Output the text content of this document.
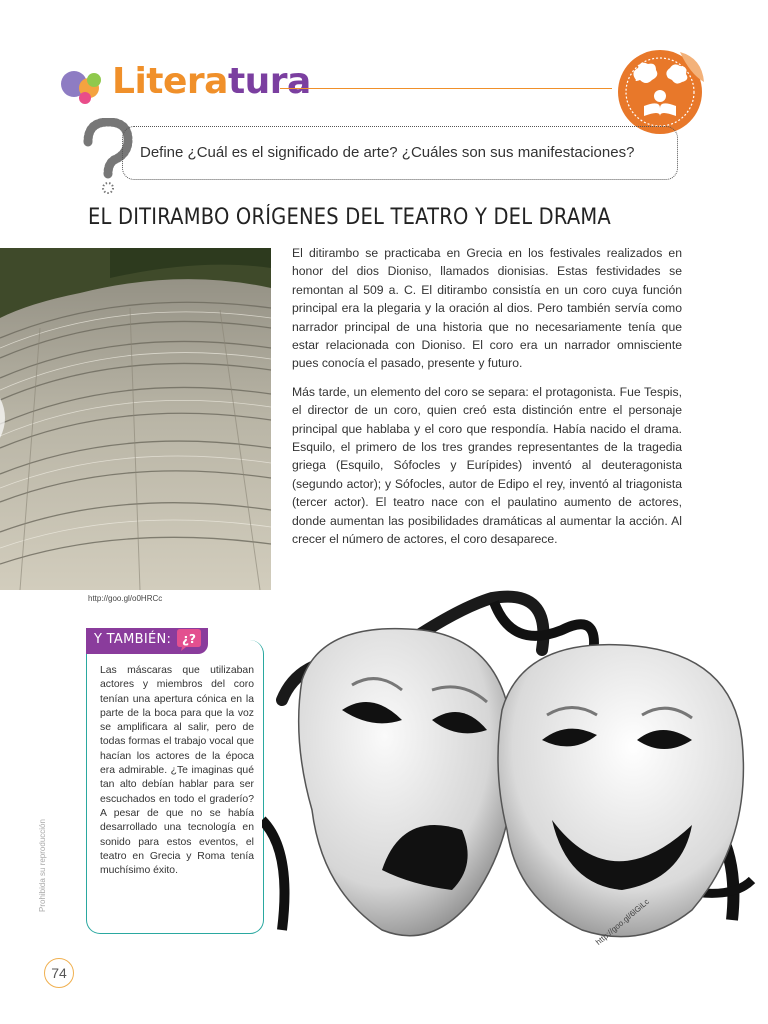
Literatura
Define ¿Cuál es el significado de arte? ¿Cuáles son sus manifestaciones?
EL DITIRAMBO ORÍGENES DEL TEATRO Y DEL DRAMA
http://goo.gl/o0HRCc

El ditirambo se practicaba en Grecia en los festivales realizados en honor del dios Dioniso, llamados dionisias. Estas festividades se remontan al 509 a. C. El ditirambo consistía en un coro cuya función principal era la plegaria y la oración al dios. Pero también servía como narrador principal de una historia que no necesariamente tenía que estar relacionada con Dioniso. El coro era un narrador omnisciente pues conocía el pasado, presente y futuro.

Más tarde, un elemento del coro se separa: el protagonista. Fue Tespis, el director de un coro, quien creó esta distinción entre el personaje principal que hablaba y el coro que respondía. Había nacido el drama. Esquilo, el primero de los tres grandes representantes de la tragedia griega (Esquilo, Sófocles y Eurípides) inventó al deuteragonista (segundo actor); y Sófocles, autor de Edipo el rey, inventó al triagonista (tercer actor). El teatro nace con el paulatino aumento de actores, donde aumentan las posibilidades dramáticas al aumentar la acción. Al crecer el número de actores, el coro desaparece.

Y TAMBIÉN: ¿?
Las máscaras que utilizaban actores y miembros del coro tenían una apertura cónica en la parte de la boca para que la voz se amplificara al salir, pero de todas formas el trabajo vocal que hacían los actores de la época era admirable. ¿Te imaginas qué tan alto debían hablar para ser escuchados en todo el graderío? A pesar de que no se había desarrollado una tecnología en sonido para estos eventos, el teatro en Grecia y Roma tenía muchísimo éxito.
Prohibida su reproducción
http://goo.gl/6lGiLc
74
